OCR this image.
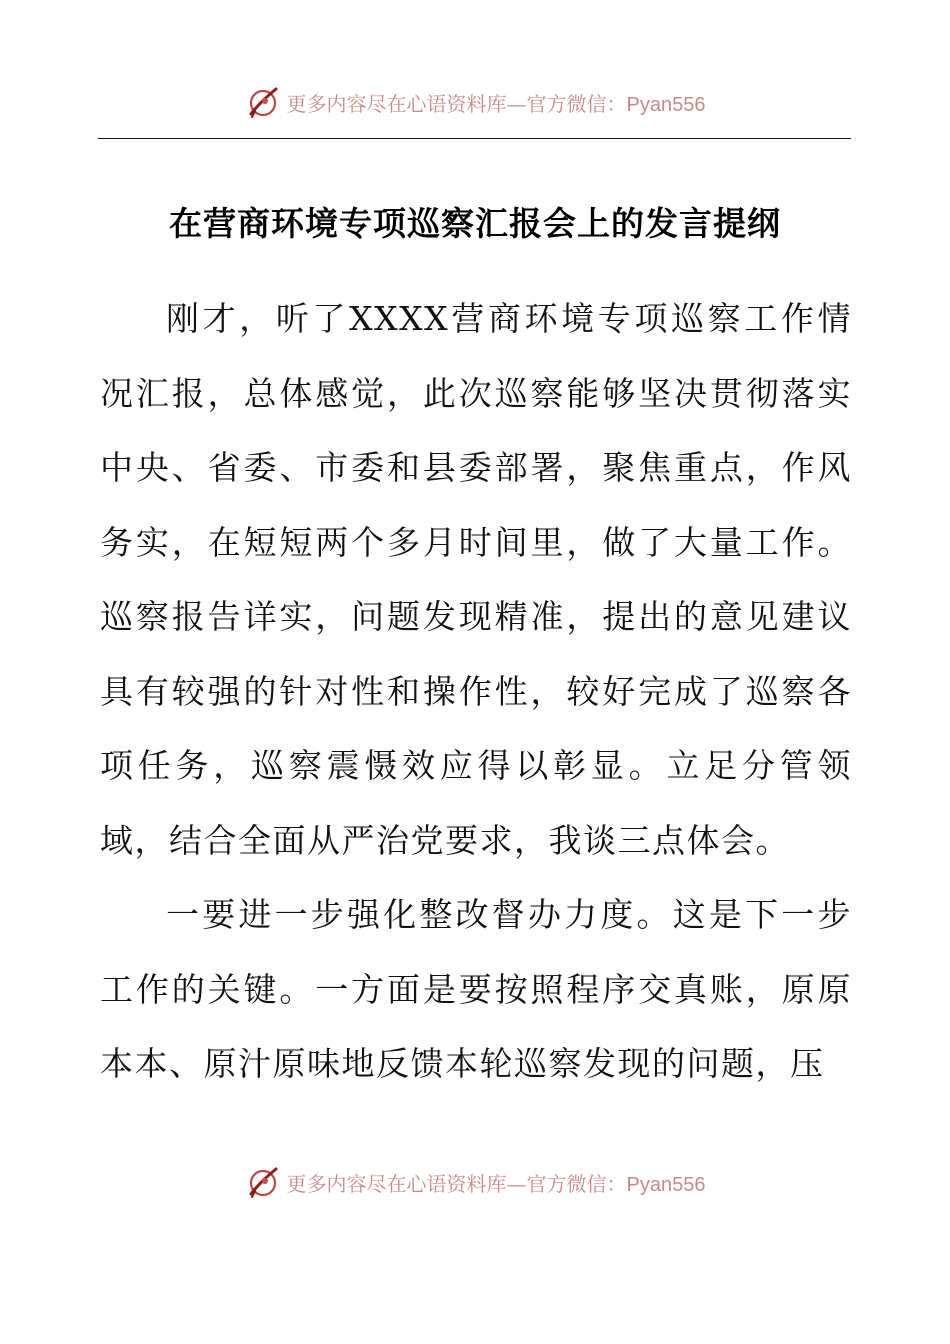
更多内容尽在心语资料库—官方微信：Pyan556
在营商环境专项巡察汇报会上的发言提纲

刚才，听了XXXX营商环境专项巡察工作情况汇报，总体感觉，此次巡察能够坚决贯彻落实中央、省委、市委和县委部署，聚焦重点，作风务实，在短短两个多月时间里，做了大量工作。巡察报告详实，问题发现精准，提出的意见建议具有较强的针对性和操作性，较好完成了巡察各项任务，巡察震慑效应得以彰显。立足分管领域，结合全面从严治党要求，我谈三点体会。

一要进一步强化整改督办力度。这是下一步工作的关键。一方面是要按照程序交真账，原原本本、原汁原味地反馈本轮巡察发现的问题，压

更多内容尽在心语资料库—官方微信：Pyan556
